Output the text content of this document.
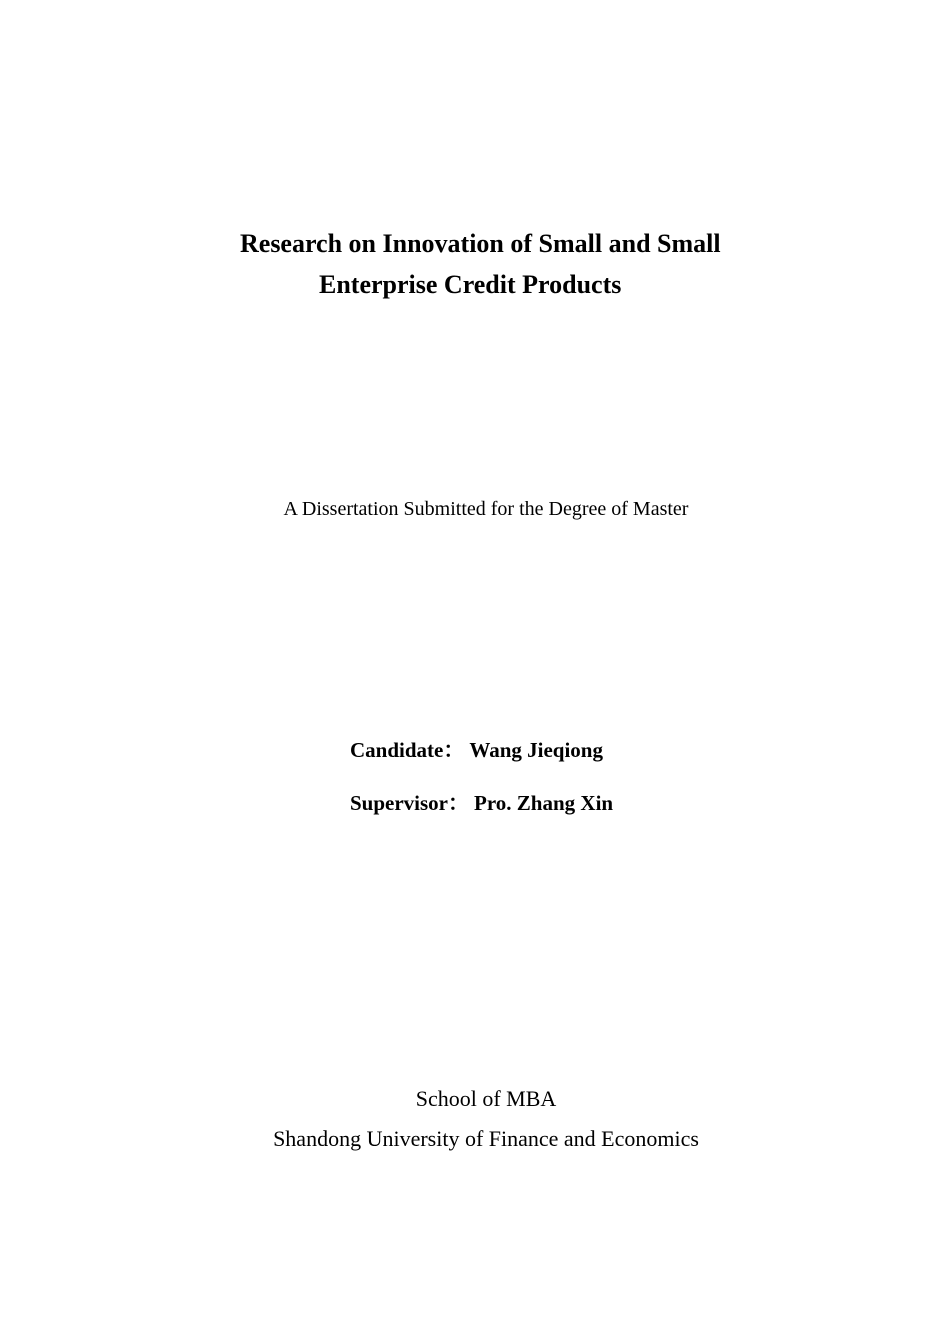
Research on Innovation of Small and Small
Enterprise Credit Products
A Dissertation Submitted for the Degree of Master
Candidate： Wang Jieqiong
Supervisor： Pro. Zhang Xin
School of MBA
Shandong University of Finance and Economics
